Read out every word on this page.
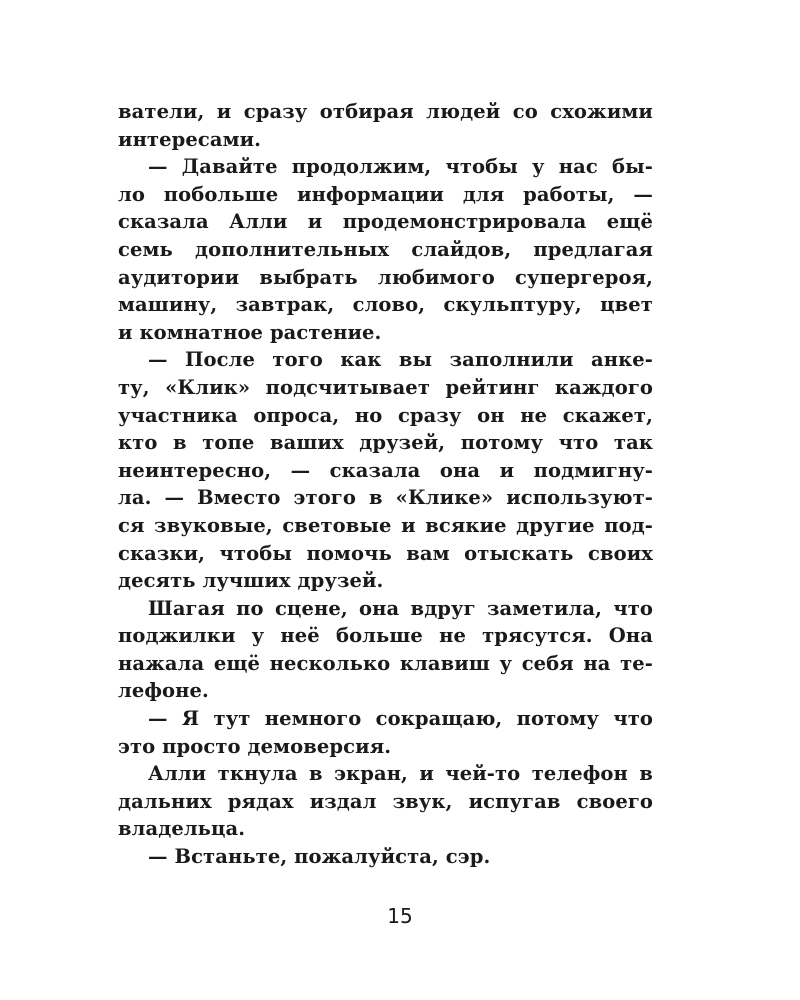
ватели, и сразу отбирая людей со схожими
интересами.
— Давайте продолжим, чтобы у нас бы-
ло побольше информации для работы, —
сказала Алли и продемонстрировала ещё
семь дополнительных слайдов, предлагая
аудитории выбрать любимого супергероя,
машину, завтрак, слово, скульптуру, цвет
и комнатное растение.
— После того как вы заполнили анке-
ту, «Клик» подсчитывает рейтинг каждого
участника опроса, но сразу он не скажет,
кто в топе ваших друзей, потому что так
неинтересно, — сказала она и подмигну-
ла. — Вместо этого в «Клике» используют-
ся звуковые, световые и всякие другие под-
сказки, чтобы помочь вам отыскать своих
десять лучших друзей.
Шагая по сцене, она вдруг заметила, что
поджилки у неё больше не трясутся. Она
нажала ещё несколько клавиш у себя на те-
лефоне.
— Я тут немного сокращаю, потому что
это просто демоверсия.
Алли ткнула в экран, и чей-то телефон в
дальних рядах издал звук, испугав своего
владельца.
— Встаньте, пожалуйста, сэр.
15
